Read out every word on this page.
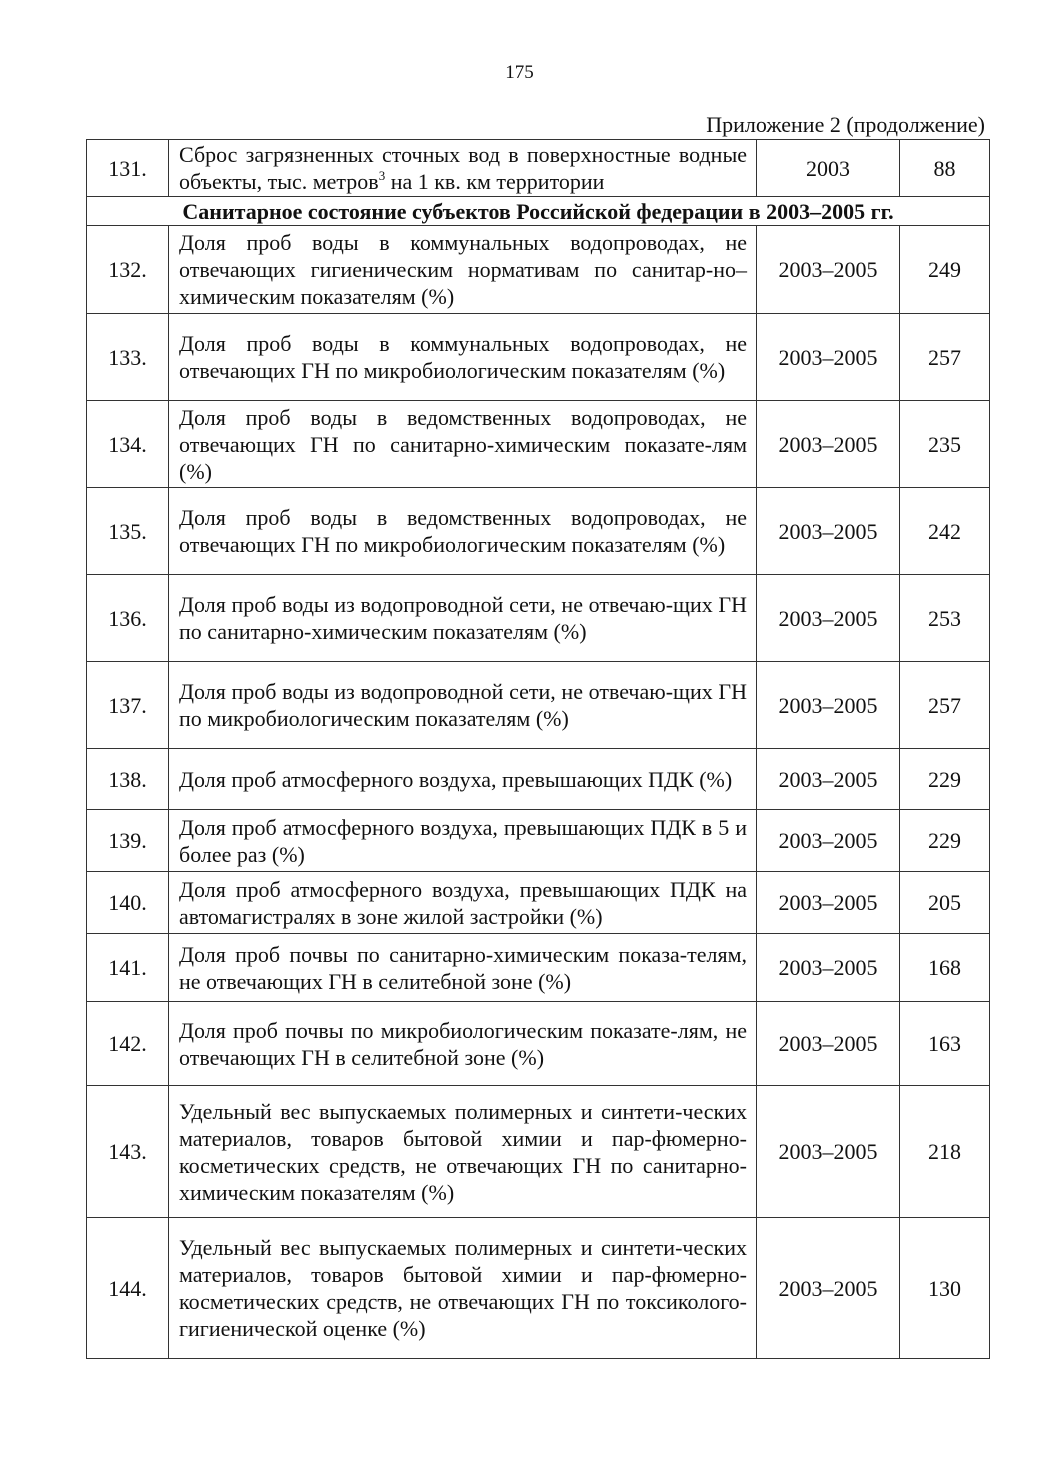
175
Приложение 2 (продолжение)
131.	Сброс загрязненных сточных вод в поверхностные водные объекты, тыс. метров$^3$ на 1 кв. км территории	2003	88
Санитарное состояние субъектов Российской федерации в 2003–2005 гг.			
132.	Доля проб воды в коммунальных водопроводах, не отвечающих гигиеническим нормативам по санитар-но–химическим показателям (%)	2003–2005	249
133.	Доля проб воды в коммунальных водопроводах, не отвечающих ГН по микробиологическим показателям (%)	2003–2005	257
134.	Доля проб воды в ведомственных водопроводах, не отвечающих ГН по санитарно-химическим показате-лям (%)	2003–2005	235
135.	Доля проб воды в ведомственных водопроводах, не отвечающих ГН по микробиологическим показателям (%)	2003–2005	242
136.	Доля проб воды из водопроводной сети, не отвечаю-щих ГН по санитарно-химическим показателям (%)	2003–2005	253
137.	Доля проб воды из водопроводной сети, не отвечаю-щих ГН по микробиологическим показателям (%)	2003–2005	257
138.	Доля проб атмосферного воздуха, превышающих ПДК (%)	2003–2005	229
139.	Доля проб атмосферного воздуха, превышающих ПДК в 5 и более раз (%)	2003–2005	229
140.	Доля проб атмосферного воздуха, превышающих ПДК на автомагистралях в зоне жилой застройки (%)	2003–2005	205
141.	Доля проб почвы по санитарно-химическим показа-телям, не отвечающих ГН в селитебной зоне (%)	2003–2005	168
142.	Доля проб почвы по микробиологическим показате-лям, не отвечающих ГН в селитебной зоне (%)	2003–2005	163
143.	Удельный вес выпускаемых полимерных и синтети-ческих материалов, товаров бытовой химии и пар-фюмерно-косметических средств, не отвечающих ГН по санитарно-химическим показателям (%)	2003–2005	218
144.	Удельный вес выпускаемых полимерных и синтети-ческих материалов, товаров бытовой химии и пар-фюмерно-косметических средств, не отвечающих ГН по токсиколого-гигиенической оценке (%)	2003–2005	130
